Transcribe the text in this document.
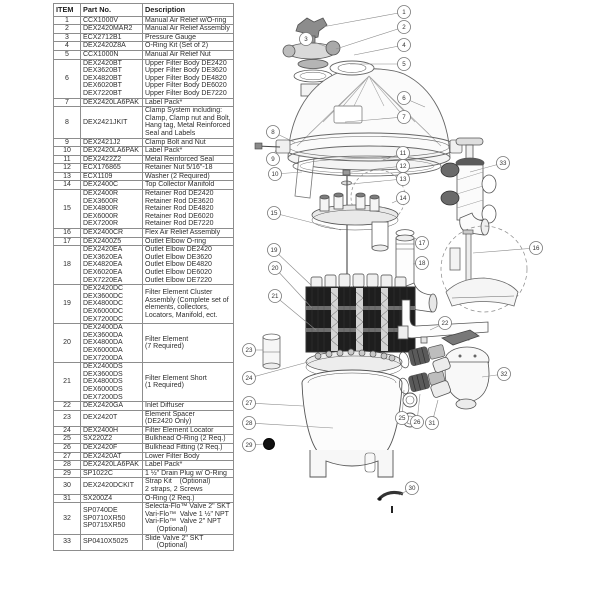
ITEM	Part No.	Description

1	CCX1000V	Manual Air Relief w/O-ring

2	DEX2420MAR2	Manual Air Relief Assembly

3	ECX2712B1	Pressure Gauge

4	DEX2420Z8A	O-Ring Kit (Set of 2)

5	CCX1000N	Manual Air Relief Nut

6	DEX2420BT
DEX3620BT
DEX4820BT
DEX6020BT
DEX7220BT	Upper Filter Body DE2420
Upper Filter Body DE3620
Upper Filter Body DE4820
Upper Filter Body DE6020
Upper Filter Body DE7220

7	DEX2420LA6PAK	Label Pack*

8	DEX2421JKIT	Clamp System including:
Clamp, Clamp nut and Bolt,
Hang tag, Metal Reinforced
Seal and Labels

9	DEX2421J2	Clamp Bolt and Nut

10	DEX2420LA6PAK	Label Pack*

11	DEX2422Z2	Metal Reinforced Seal

12	ECX176865	Retainer Nut 5/16"-18

13	ECX1109	Washer (2 Required)

14	DEX2400C	Top Collector Manifold

15	DEX2400R
DEX3600R
DEX4800R
DEX6000R
DEX7200R	Retainer Rod DE2420
Retainer Rod DE3620
Retainer Rod DE4820
Retainer Rod DE6020
Retainer Rod DE7220

16	DEX2400CR	Flex Air Relief Assembly

17	DEX2400Z5	Outlet Elbow O-ring

18	DEX2420EA
DEX3620EA
DEX4820EA
DEX6020EA
DEX7220EA	Outlet Elbow DE2420
Outlet Elbow DE3620
Outlet Elbow DE4820
Outlet Elbow DE6020
Outlet Elbow DE7220

19	DEX2420DC
DEX3600DC
DEX4800DC
DEX6000DC
DEX7200DC	Filter Element Cluster
Assembly (Complete set of
elements, collectors,
Locators, Manifold, ect.

20	DEX2400DA
DEX3600DA
DEX4800DA
DEX6000DA
DEX7200DA	Filter Element
(7 Required)

21	DEX2400DS
DEX3600DS
DEX4800DS
DEX6000DS
DEX7200DS	Filter Element Short
(1 Required)

22	DEX2420GA	Inlet Diffuser

23	DEX2420T	Element Spacer
(DE2420 Only)

24	DEX2400H	Filter Element Locator

25	SX220Z2	Bulkhead O-Ring (2 Req.)

26	DEX2420F	Bulkhead Fitting (2 Req.)

27	DEX2420AT	Lower Filter Body

28	DEX2420LA6PAK	Label Pack*

29	SP1022C	1 ½" Drain Plug w/ O-Ring

30	DEX2420DCKIT	Strap Kit    (Optional)
2 straps, 2 Screws

31	SX200Z4	O-Ring (2 Req.)

32	SP0740DE
SP0710XR50
SP0715XR50	Selecta-Flo™ Valve 2" SKT
Vari-Flo™  Valve 1 ½" NPT
Vari-Flo™  Valve 2" NPT
(Optional)

33	SP0410X5025	Slide Valve 2" SKT
(Optional)
1
2
3
4
5
6
7
8
9
10
11
12
13
14
15
16
17
18
19
20
21
22
23
24
25
26
27
28
29
30
31
32
33
